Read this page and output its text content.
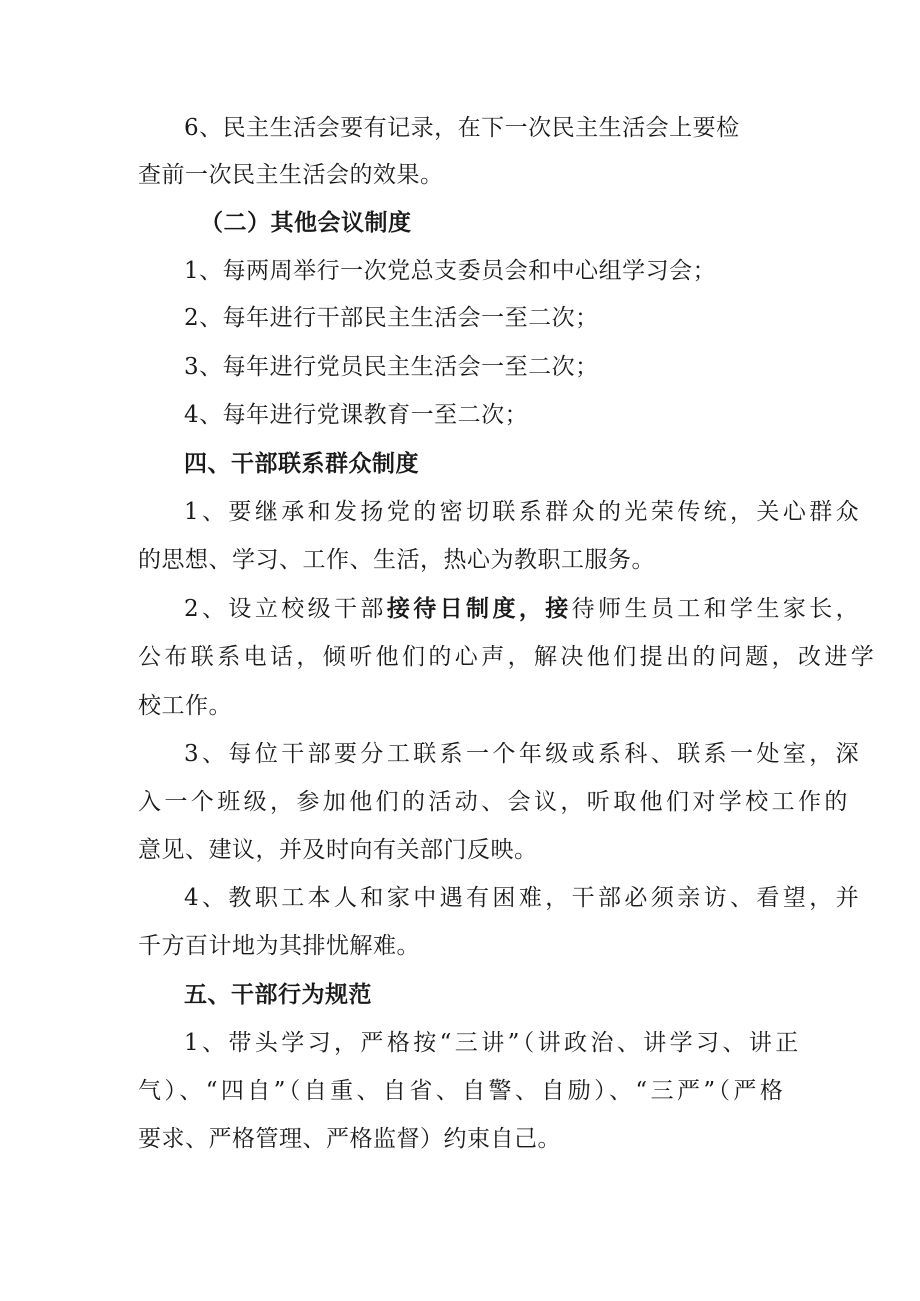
6、民主生活会要有记录，在下一次民主生活会上要检
查前一次民主生活会的效果。
（二）其他会议制度
1、每两周举行一次党总支委员会和中心组学习会；
2、每年进行干部民主生活会一至二次；
3、每年进行党员民主生活会一至二次；
4、每年进行党课教育一至二次；
四、干部联系群众制度
1、要继承和发扬党的密切联系群众的光荣传统，关心群众
的思想、学习、工作、生活，热心为教职工服务。
2、设立校级干部接待日制度，接待师生员工和学生家长，
公布联系电话，倾听他们的心声，解决他们提出的问题，改进学
校工作。
3、每位干部要分工联系一个年级或系科、联系一处室，深
入一个班级，参加他们的活动、会议，听取他们对学校工作的
意见、建议，并及时向有关部门反映。
4、教职工本人和家中遇有困难，干部必须亲访、看望，并
千方百计地为其排忧解难。
五、干部行为规范
1、带头学习，严格按“三讲”（讲政治、讲学习、讲正
气）、“四自”（自重、自省、自警、自励）、“三严”（严格
要求、严格管理、严格监督）约束自己。
